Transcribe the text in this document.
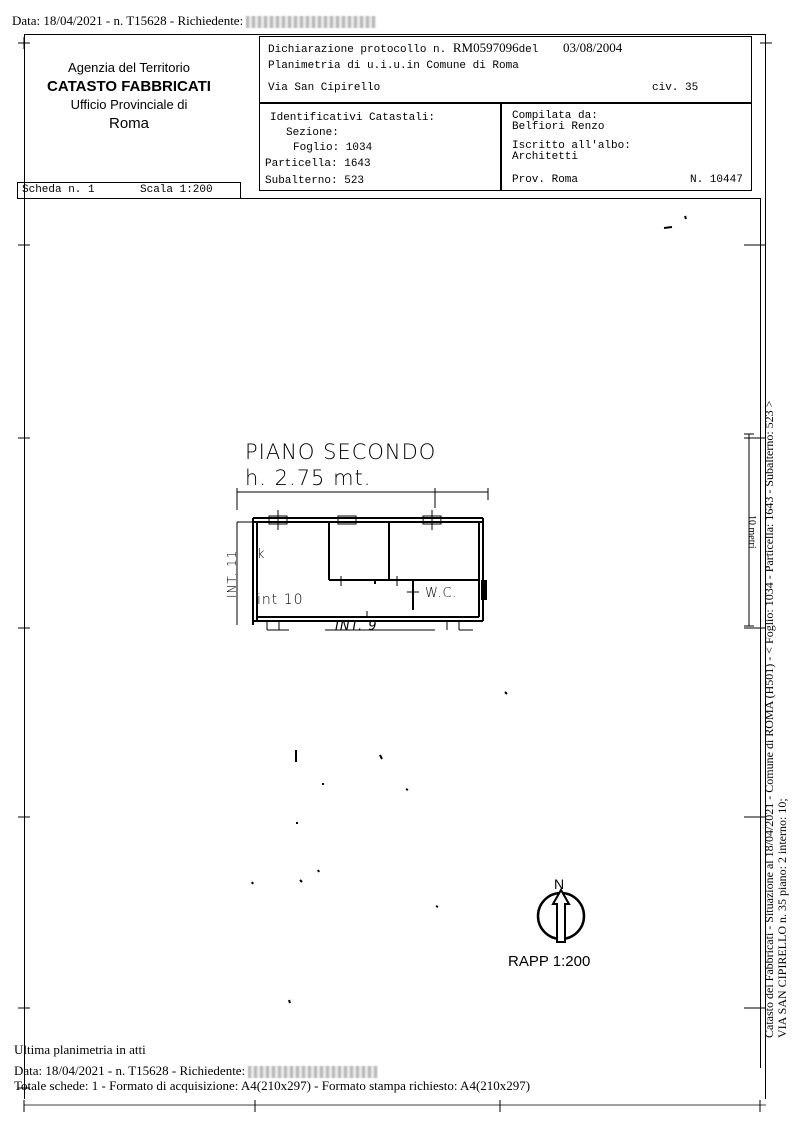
Data: 18/04/2021 - n. T15628 - Richiedente:
Agenzia del Territorio
CATASTO FABBRICATI
Ufficio Provinciale di
Roma
Scheda n. 1	Scala 1:200
Dichiarazione protocollo n. RM0597096del 03/08/2004
Planimetria di u.i.u.in Comune di Roma
Via San Cipirello	civ. 35
Identificativi Catastali:
Sezione:
Foglio: 1034
Particella: 1643
Subalterno: 523
Compilata da:
Belfiori Renzo
Iscritto all'albo:
Architetti
Prov. Roma	N. 10447
PIANO SECONDO
h. 2.75 mt.
INT. 11 k
int 10	W.C.
INT. 9
N
RAPP 1:200
10 metri Catasto dei Fabbricati - Situazione al 18/04/2021 - Comune di ROMA (H501) - < Foglio: 1034 - Particella: 1643 - Subalterno: 523 > VIA SAN CIPIRELLO n. 35 piano: 2 interno: 10;
Ultima planimetria in atti
Data: 18/04/2021 - n. T15628 - Richiedente:
Totale schede: 1 - Formato di acquisizione: A4(210x297) - Formato stampa richiesto: A4(210x297)
